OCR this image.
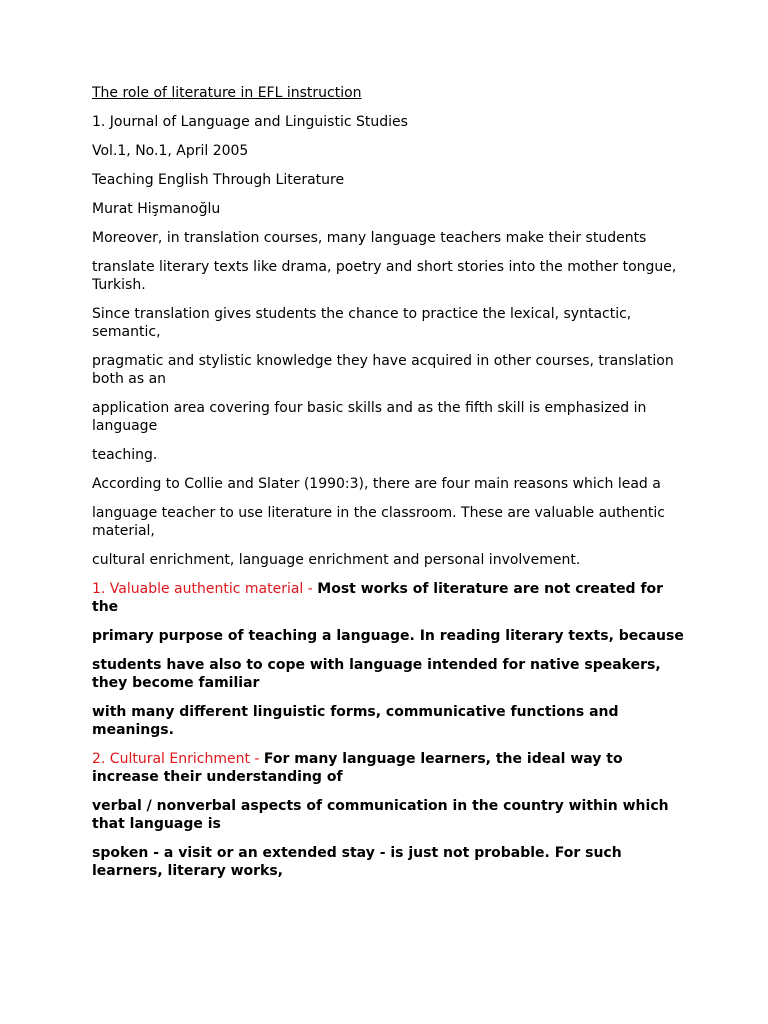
The role of literature in EFL instruction

1. Journal of Language and Linguistic Studies

Vol.1, No.1, April 2005

Teaching English Through Literature

Murat Hişmanoğlu

Moreover, in translation courses, many language teachers make their students

translate literary texts like drama, poetry and short stories into the mother tongue, Turkish.

Since translation gives students the chance to practice the lexical, syntactic, semantic,

pragmatic and stylistic knowledge they have acquired in other courses, translation both as an

application area covering four basic skills and as the fifth skill is emphasized in language

teaching.

According to Collie and Slater (1990:3), there are four main reasons which lead a

language teacher to use literature in the classroom. These are valuable authentic material,

cultural enrichment, language enrichment and personal involvement.

1. Valuable authentic material - Most works of literature are not created for the

primary purpose of teaching a language. In reading literary texts, because

students have also to cope with language intended for native speakers, they become familiar

with many different linguistic forms, communicative functions and meanings.

2. Cultural Enrichment - For many language learners, the ideal way to increase their understanding of

verbal / nonverbal aspects of communication in the country within which that language is

spoken - a visit or an extended stay - is just not probable. For such learners, literary works,
